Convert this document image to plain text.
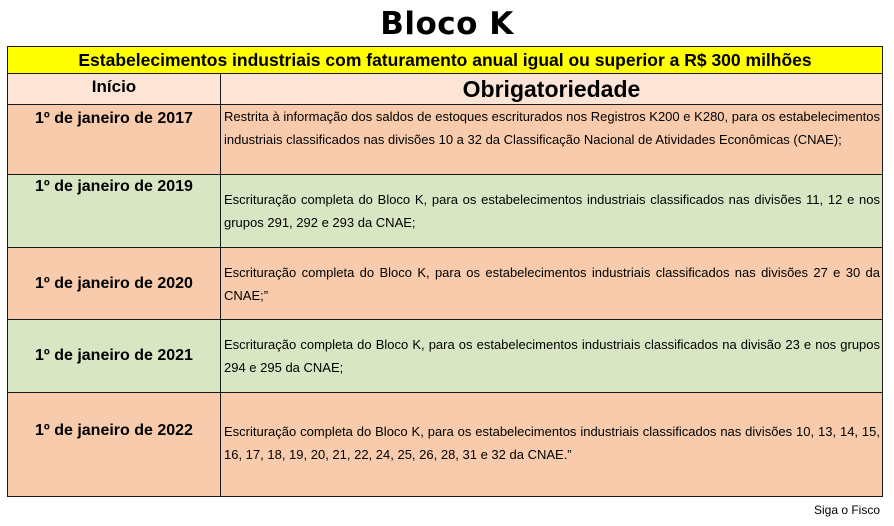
Bloco K
Estabelecimentos industriais com faturamento anual igual ou superior a R$ 300 milhões	
Início	Obrigatoriedade
1º de janeiro de 2017	Restrita à informação dos saldos de estoques escriturados nos Registros K200 e K280, para os estabelecimentos industriais classificados nas divisões 10 a 32 da Classificação Nacional de Atividades Econômicas (CNAE);
1º de janeiro de 2019	Escrituração completa do Bloco K, para os estabelecimentos industriais classificados nas divisões 11, 12 e nos grupos 291, 292 e 293 da CNAE;
1º de janeiro de 2020	Escrituração completa do Bloco K, para os estabelecimentos industriais classificados nas divisões 27 e 30 da CNAE;”
1º de janeiro de 2021	Escrituração completa do Bloco K, para os estabelecimentos industriais classificados na divisão 23 e nos grupos 294 e 295 da CNAE;
1º de janeiro de 2022	Escrituração completa do Bloco K, para os estabelecimentos industriais classificados nas divisões 10, 13, 14, 15, 16, 17, 18, 19, 20, 21, 22, 24, 25, 26, 28, 31 e 32 da CNAE.”
Siga o Fisco
